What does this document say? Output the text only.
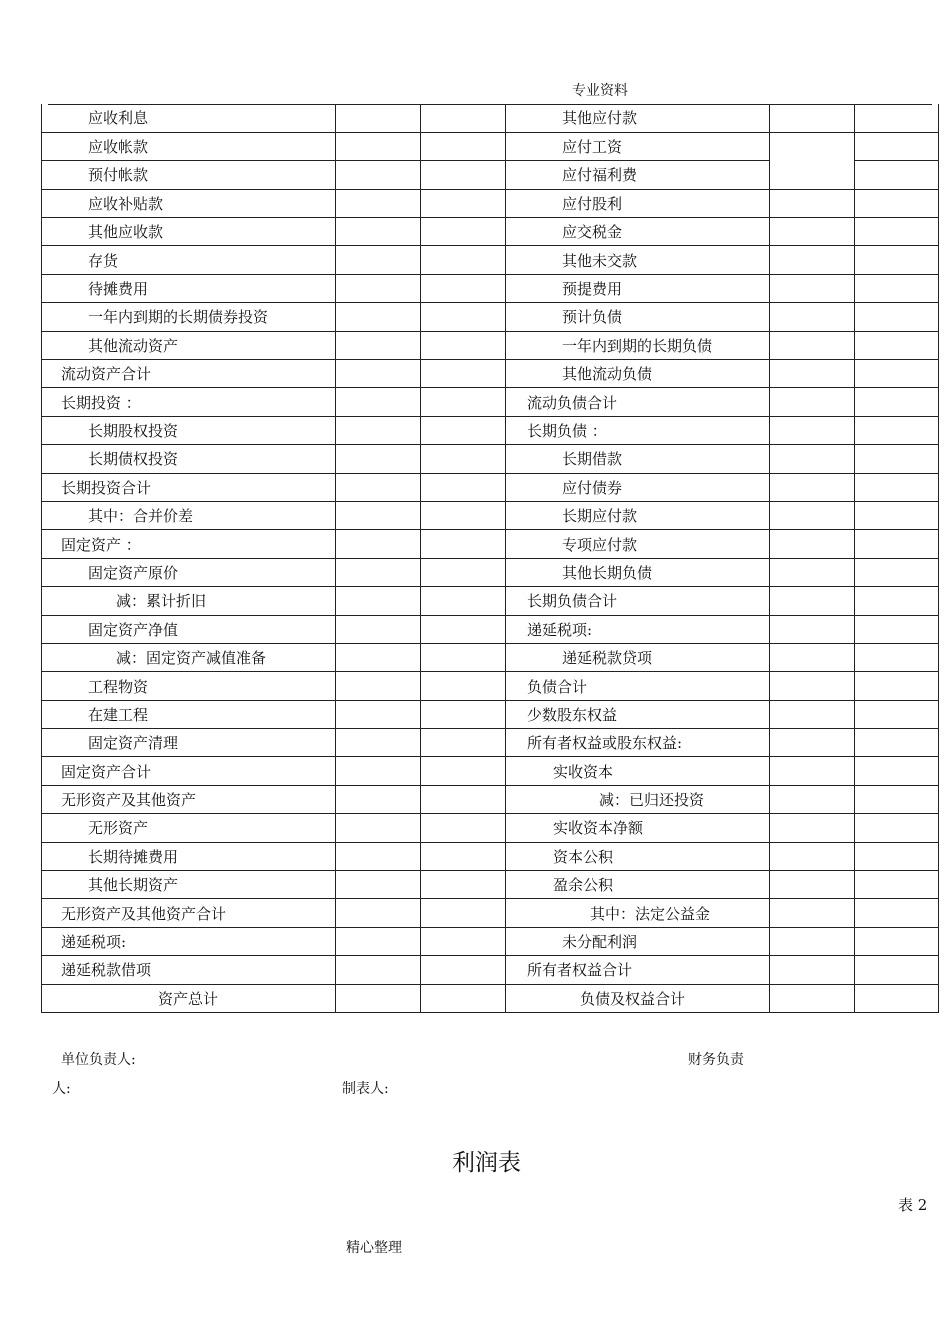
专业资料
应收利息			其他应付款		
应收帐款			应付工资		
预付帐款			应付福利费		
应收补贴款			应付股利		
其他应收款			应交税金		
存货			其他未交款		
待摊费用			预提费用		
一年内到期的长期债券投资			预计负债		
其他流动资产			一年内到期的长期负债		
流动资产合计			其他流动负债		
长期投资 ：			流动负债合计		
长期股权投资			长期负债 ：		
长期债权投资			长期借款		
长期投资合计			应付债券		
其中：合并价差			长期应付款		
固定资产 ：			专项应付款		
固定资产原价			其他长期负债		
减：累计折旧			长期负债合计		
固定资产净值			递延税项:		
减：固定资产减值准备			递延税款贷项		
工程物资			负债合计		
在建工程			少数股东权益		
固定资产清理			所有者权益或股东权益:		
固定资产合计			实收资本		
无形资产及其他资产			减：已归还投资		
无形资产			实收资本净额		
长期待摊费用			资本公积		
其他长期资产			盈余公积		
无形资产及其他资产合计			其中：法定公益金		
递延税项:			未分配利润		
递延税款借项			所有者权益合计		
资产总计			负债及权益合计		
单位负责人:	财务负责
人:	制表人:
利润表
表 2
精心整理
